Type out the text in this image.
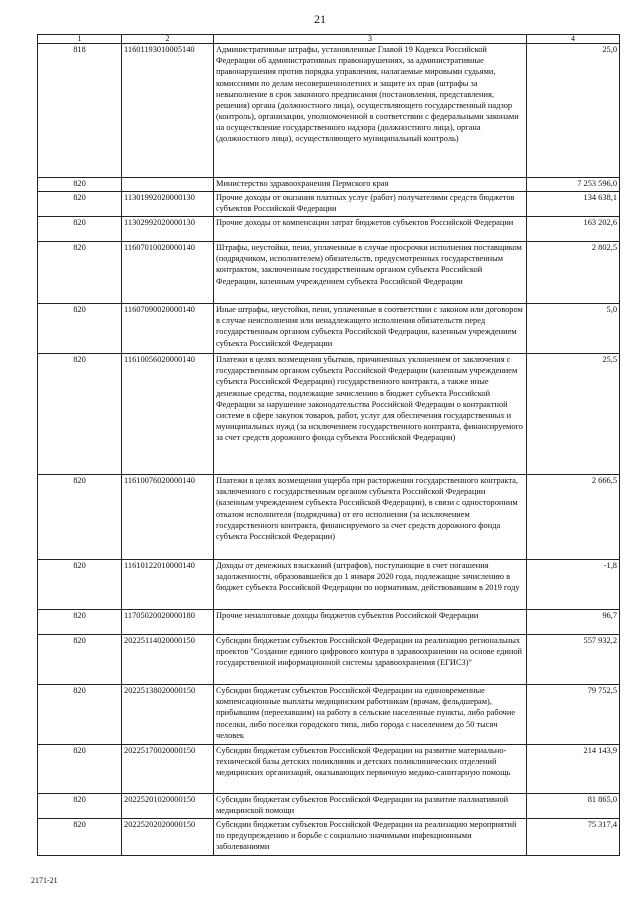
21
1	2	3	4
818	11601193010005140	Административные штрафы, установленные Главой 19 Кодекса Российской Федерации об административных правонарушениях, за административные правонарушения против порядка управления, налагаемые мировыми судьями, комиссиями по делам несовершеннолетних и защите их прав (штрафы за невыполнение в срок законного предписания (постановления, представления, решения) органа (должностного лица), осуществляющего государственный надзор (контроль), организации, уполномоченной в соответствии с федеральными законами на осуществление государственного надзора (должностного лица), органа (должностного лица), осуществляющего муниципальный контроль)	25,0
820		Министерство здравоохранения Пермского края	7 253 596,0
820	11301992020000130	Прочие доходы от оказания платных услуг (работ) получателями средств бюджетов субъектов Российской Федерации	134 638,1
820	11302992020000130	Прочие доходы от компенсации затрат бюджетов субъектов Российской Федерации	163 202,6
820	11607010020000140	Штрафы, неустойки, пени, уплаченные в случае просрочки исполнения поставщиком (подрядчиком, исполнителем) обязательств, предусмотренных государственным контрактом, заключенным государственным органом субъекта Российской Федерации, казенным учреждением субъекта Российской Федерации	2 802,5
820	11607090020000140	Иные штрафы, неустойки, пени, уплаченные в соответствии с законом или договором в случае неисполнения или ненадлежащего исполнения обязательств перед государственным органом субъекта Российской Федерации, казенным учреждением субъекта Российской Федерации	5,0
820	11610056020000140	Платежи в целях возмещения убытков, причиненных уклонением от заключения с государственным органом субъекта Российской Федерации (казенным учреждением субъекта Российской Федерации) государственного контракта, а также иные денежные средства, подлежащие зачислению в бюджет субъекта Российской Федерации за нарушение законодательства Российской Федерации о контрактной системе в сфере закупок товаров, работ, услуг для обеспечения государственных и муниципальных нужд (за исключением государственного контракта, финансируемого за счет средств дорожного фонда субъекта Российской Федерации)	25,5
820	11610076020000140	Платежи в целях возмещения ущерба при расторжении государственного контракта, заключенного с государственным органом субъекта Российской Федерации (казенным учреждением субъекта Российской Федерации), в связи с односторонним отказом исполнителя (подрядчика) от его исполнения (за исключением государственного контракта, финансируемого за счет средств дорожного фонда субъекта Российской Федерации)	2 666,5
820	11610122010000140	Доходы от денежных взысканий (штрафов), поступающие в счет погашения задолженности, образовавшейся до 1 января 2020 года, подлежащие зачислению в бюджет субъекта Российской Федерации по нормативам, действовавшим в 2019 году	-1,8
820	11705020020000180	Прочие неналоговые доходы бюджетов субъектов Российской Федерации	96,7
820	20225114020000150	Субсидии бюджетам субъектов Российской Федерации на реализацию региональных проектов "Создание единого цифрового контура в здравоохранении на основе единой государственной информационной системы здравоохранения (ЕГИСЗ)"	557 932,2
820	20225138020000150	Субсидии бюджетам субъектов Российской Федерации на единовременные компенсационные выплаты медицинским работникам (врачам, фельдшерам), прибывшим (переехавшим) на работу в сельские населенные пункты, либо рабочие поселки, либо поселки городского типа, либо города с населением до 50 тысяч человек	79 752,5
820	20225170020000150	Субсидии бюджетам субъектов Российской Федерации на развитие материально-технической базы детских поликлиник и детских поликлинических отделений медицинских организаций, оказывающих первичную медико-санитарную помощь	214 143,9
820	20225201020000150	Субсидии бюджетам субъектов Российской Федерации на развитие паллиативной медицинской помощи	81 865,0
820	20225202020000150	Субсидии бюджетам субъектов Российской Федерации на реализацию мероприятий по предупреждению и борьбе с социально значимыми инфекционными заболеваниями	75 317,4
2171-21
